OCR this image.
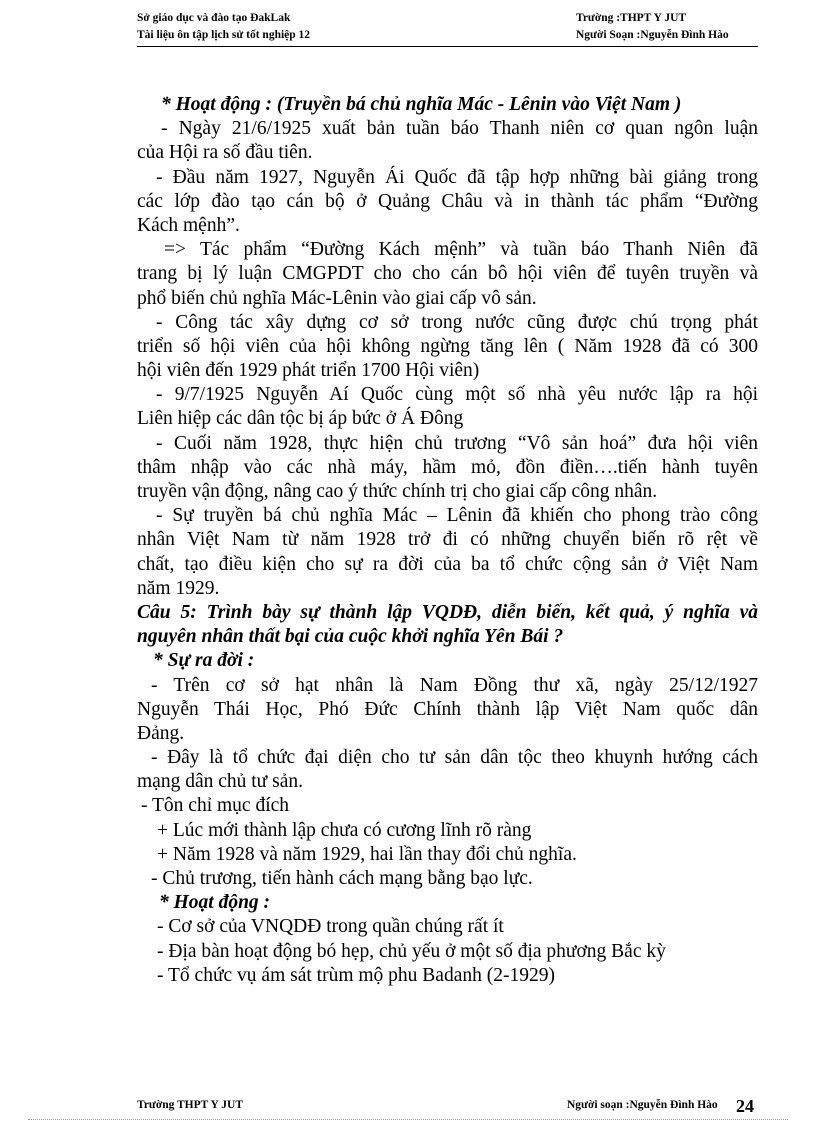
Sở giáo dục và đào tạo ĐakLak
Tài liệu ôn tập lịch sử tốt nghiệp 12
Trường :THPT Y JUT
Người Soạn :Nguyễn Đình Hào
* Hoạt động : (Truyền bá chủ nghĩa Mác - Lênin vào Việt Nam )
- Ngày 21/6/1925 xuất bản tuần báo Thanh niên cơ quan ngôn luận
của Hội ra số đầu tiên.
- Đầu năm 1927, Nguyễn Ái Quốc đã tập hợp những bài giảng trong
các lớp đào tạo cán bộ ở Quảng Châu và in thành tác phẩm “Đường
Kách mệnh”.
=> Tác phẩm “Đường Kách mệnh” và tuần báo Thanh Niên đã
trang bị lý luận CMGPDT cho cho cán bô hội viên để tuyên truyền và
phổ biến chủ nghĩa Mác-Lênin vào giai cấp vô sản.
- Công tác xây dựng cơ sở trong nước cũng được chú trọng phát
triển số hội viên của hội không ngừng tăng lên ( Năm 1928 đã có 300
hội viên đến 1929 phát triển 1700 Hội viên)
- 9/7/1925 Nguyễn Aí Quốc cùng một số nhà yêu nước lập ra hội
Liên hiệp các dân tộc bị áp bức ở Á Đông
- Cuối năm 1928, thực hiện chủ trương “Vô sản hoá” đưa hội viên
thâm nhập vào các nhà máy, hầm mỏ, đồn điền….tiến hành tuyên
truyền vận động, nâng cao ý thức chính trị cho giai cấp công nhân.
- Sự truyền bá chủ nghĩa Mác – Lênin đã khiến cho phong trào công
nhân Việt Nam từ năm 1928 trở đi có những chuyển biến rõ rệt về
chất, tạo điều kiện cho sự ra đời của ba tổ chức cộng sản ở Việt Nam
năm 1929.
Câu 5: Trình bày sự thành lập VQDĐ, diễn biến, kết quả, ý nghĩa và
nguyên nhân thất bại của cuộc khởi nghĩa Yên Bái ?
* Sự ra đời :
- Trên cơ sở hạt nhân là Nam Đồng thư xã, ngày 25/12/1927
Nguyễn Thái Học, Phó Đức Chính thành lập Việt Nam quốc dân
Đảng.
- Đây là tổ chức đại diện cho tư sản dân tộc theo khuynh hướng cách
mạng dân chủ tư sản.
- Tôn chỉ mục đích
+ Lúc mới thành lập chưa có cương lĩnh rõ ràng
+ Năm 1928 và năm 1929, hai lần thay đổi chủ nghĩa.
- Chủ trương, tiến hành cách mạng bằng bạo lực.
* Hoạt động :
- Cơ sở của VNQDĐ trong quần chúng rất ít
- Địa bàn hoạt động bó hẹp, chủ yếu ở một số địa phương Bắc kỳ
- Tổ chức vụ ám sát trùm mộ phu Badanh (2-1929)
Trường THPT Y JUT	Người soạn :Nguyễn Đình Hào 24
